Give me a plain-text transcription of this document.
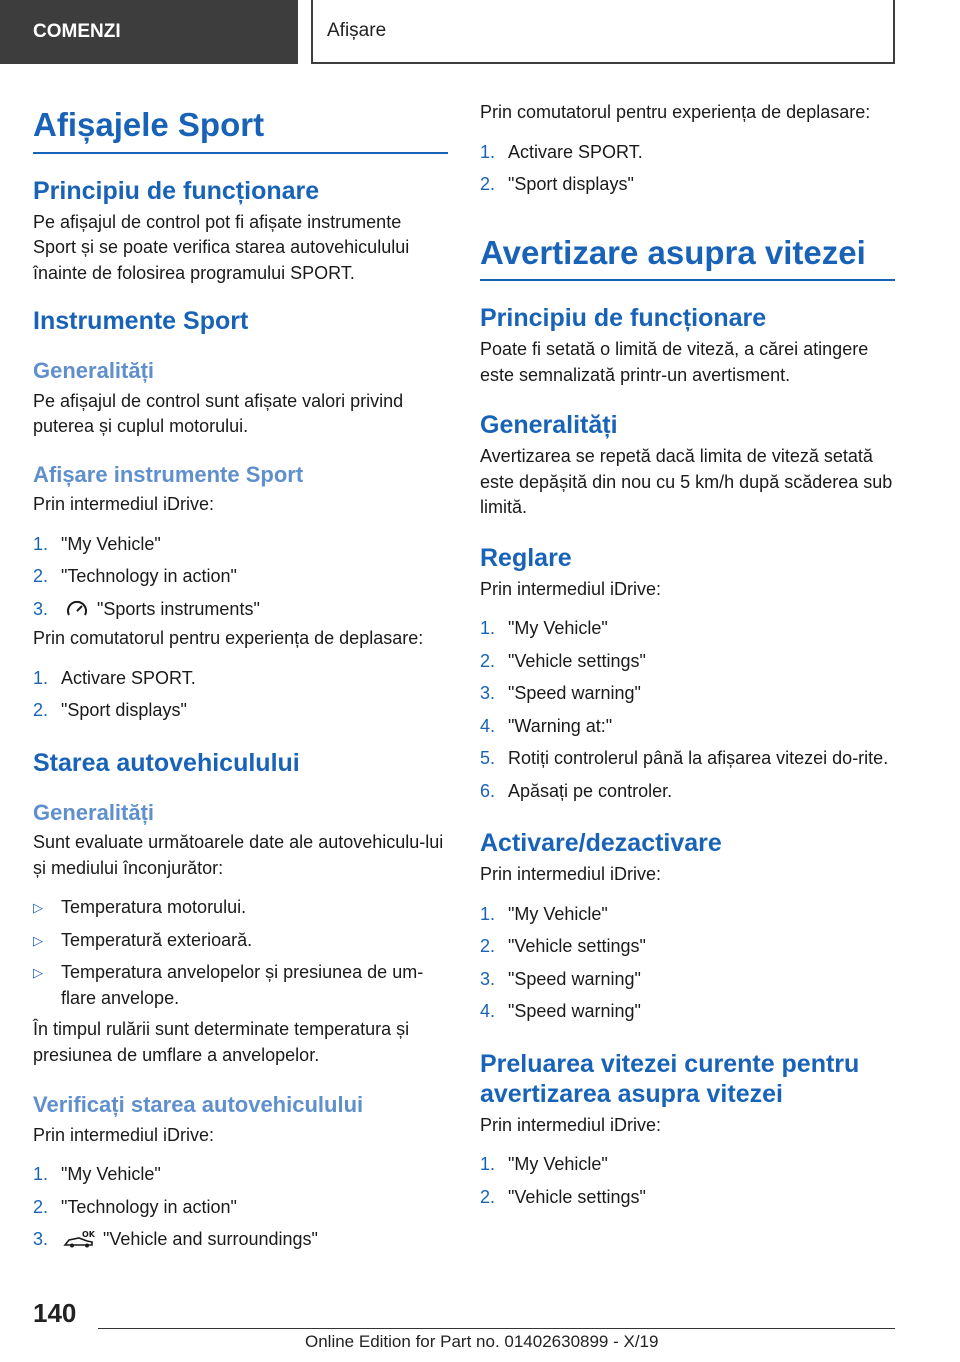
COMENZI	Afișare
Afișajele Sport
Principiu de funcționare
Pe afișajul de control pot fi afișate instrumente Sport și se poate verifica starea autovehiculului înainte de folosirea programului SPORT.
Instrumente Sport
Generalități
Pe afișajul de control sunt afișate valori privind puterea și cuplul motorului.
Afișare instrumente Sport
Prin intermediul iDrive:
1. "My Vehicle"
2. "Technology in action"
3.	"Sports instruments"
Prin comutatorul pentru experiența de deplasare:
1. Activare SPORT.
2. "Sport displays"
Starea autovehiculului
Generalități
Sunt evaluate următoarele date ale autovehiculu-lui și mediului înconjurător:
▷	Temperatura motorului.
▷	Temperatură exterioară.
▷	Temperatura anvelopelor și presiunea de um-flare anvelope.
În timpul rulării sunt determinate temperatura și presiunea de umflare a anvelopelor.
Verificați starea autovehiculului
Prin intermediul iDrive:
1. "My Vehicle"
2. "Technology in action"
3.	OK "Vehicle and surroundings"
Prin comutatorul pentru experiența de deplasare:
1. Activare SPORT.
2. "Sport displays"
Avertizare asupra vitezei
Principiu de funcționare
Poate fi setată o limită de viteză, a cărei atingere este semnalizată printr-un avertisment.
Generalități
Avertizarea se repetă dacă limita de viteză setată este depășită din nou cu 5 km/h după scăderea sub limită.
Reglare
Prin intermediul iDrive:
1. "My Vehicle"
2. "Vehicle settings"
3. "Speed warning"
4. "Warning at:"
5. Rotiți controlerul până la afișarea vitezei do-rite.
6. Apăsați pe controler.
Activare/dezactivare
Prin intermediul iDrive:
1. "My Vehicle"
2. "Vehicle settings"
3. "Speed warning"
4. "Speed warning"
Preluarea vitezei curente pentru avertizarea asupra vitezei
Prin intermediul iDrive:
1. "My Vehicle"
2. "Vehicle settings"
140
Online Edition for Part no. 01402630899 - X/19
